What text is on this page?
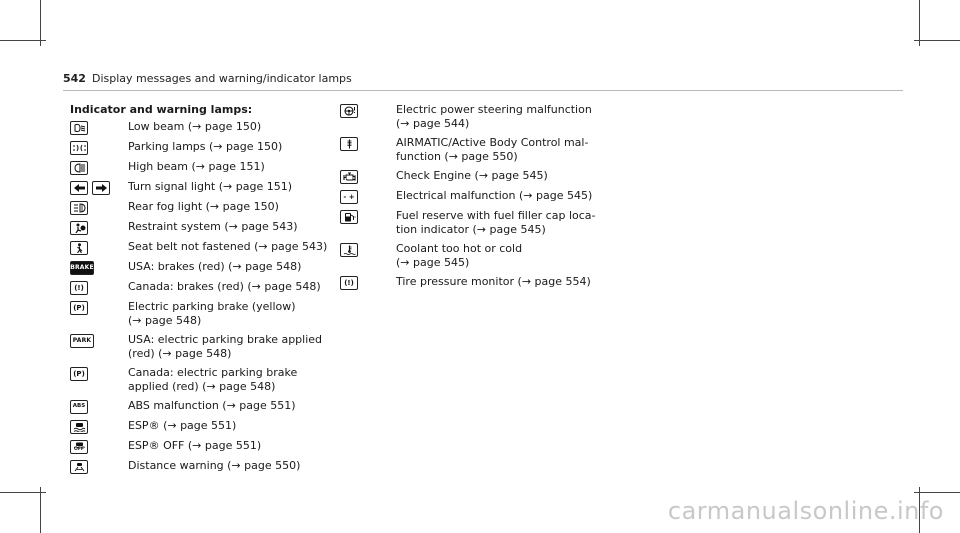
542 Display messages and warning/indicator lamps
Indicator and warning lamps:
Low beam (→ page 150)
Parking lamps (→ page 150)
High beam (→ page 151)
Turn signal light (→ page 151)
Rear fog light (→ page 150)
Restraint system (→ page 543)
Seat belt not fastened (→ page 543)
BRAKE	USA: brakes (red) (→ page 548)
(!)	Canada: brakes (red) (→ page 548)
(P)	Electric parking brake (yellow)
(→ page 548)
PARK	USA: electric parking brake applied
(red) (→ page 548)
(P)	Canada: electric parking brake
applied (red) (→ page 548)
ABS	ABS malfunction (→ page 551)
ESP® (→ page 551)
OFF	ESP® OFF (→ page 551)
Distance warning (→ page 550)
Electric power steering malfunction
(→ page 544)
AIRMATIC/Active Body Control mal-
function (→ page 550)
Check Engine (→ page 545)
- +	Electrical malfunction (→ page 545)
Fuel reserve with fuel filler cap loca-
tion indicator (→ page 545)
Coolant too hot or cold
(→ page 545)
(!)	Tire pressure monitor (→ page 554)
carmanualsonline.info
